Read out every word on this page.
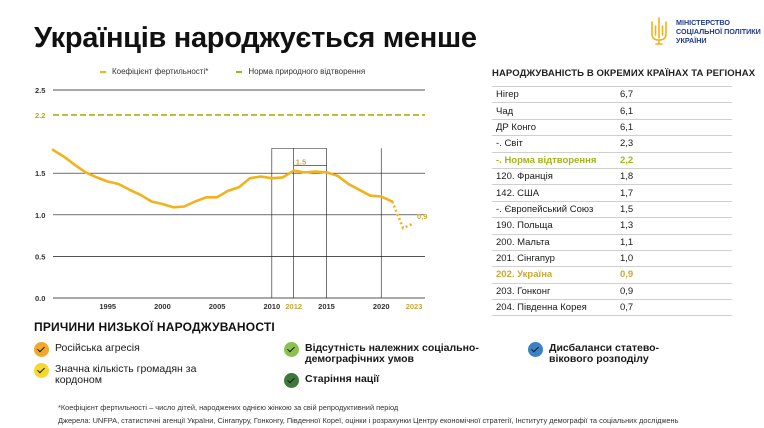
Українців народжується менше	МІНІСТЕРСТВО СОЦІАЛЬНОЇ ПОЛІТИКИ УКРАЇНИ
Коефіцієнт фертильності*	Норма природного відтворення
0.0
0.5
1.0
1.5
2.5
1995	2000	2005	2010 2012 2015	2020 2023
2.2
1.5
0,9
НАРОДЖУВАНІСТЬ В ОКРЕМИХ КРАЇНАХ ТА РЕГІОНАХ
Нігер	6,7
Чад	6,1
ДР Конго	6,1
-. Світ	2,3
-. Норма відтворення	2,2
120. Франція	1,8
142. США	1,7
-. Європейський Союз	1,5
190. Польща	1,3
200. Мальта	1,1
201. Сінгапур	1,0
202. Україна	0,9
203. Гонконг	0,9
204. Південна Корея	0,7
ПРИЧИНИ НИЗЬКОЇ НАРОДЖУВАНОСТІ
Російська агресія
Значна кількість громадян за кордоном
Відсутність належних соціально-демографічних умов
Старіння нації
Дисбаланси статево-вікового розподілу
*Коефіцієнт фертильності – число дітей, народжених однією жінкою за свій репродуктивний період
Джерела: UNFPA, статистичні агенції України, Сінгапуру, Гонконгу, Південної Кореї, оцінки і розрахунки Центру економічної стратегії, Інституту демографії та соціальних досліджень
